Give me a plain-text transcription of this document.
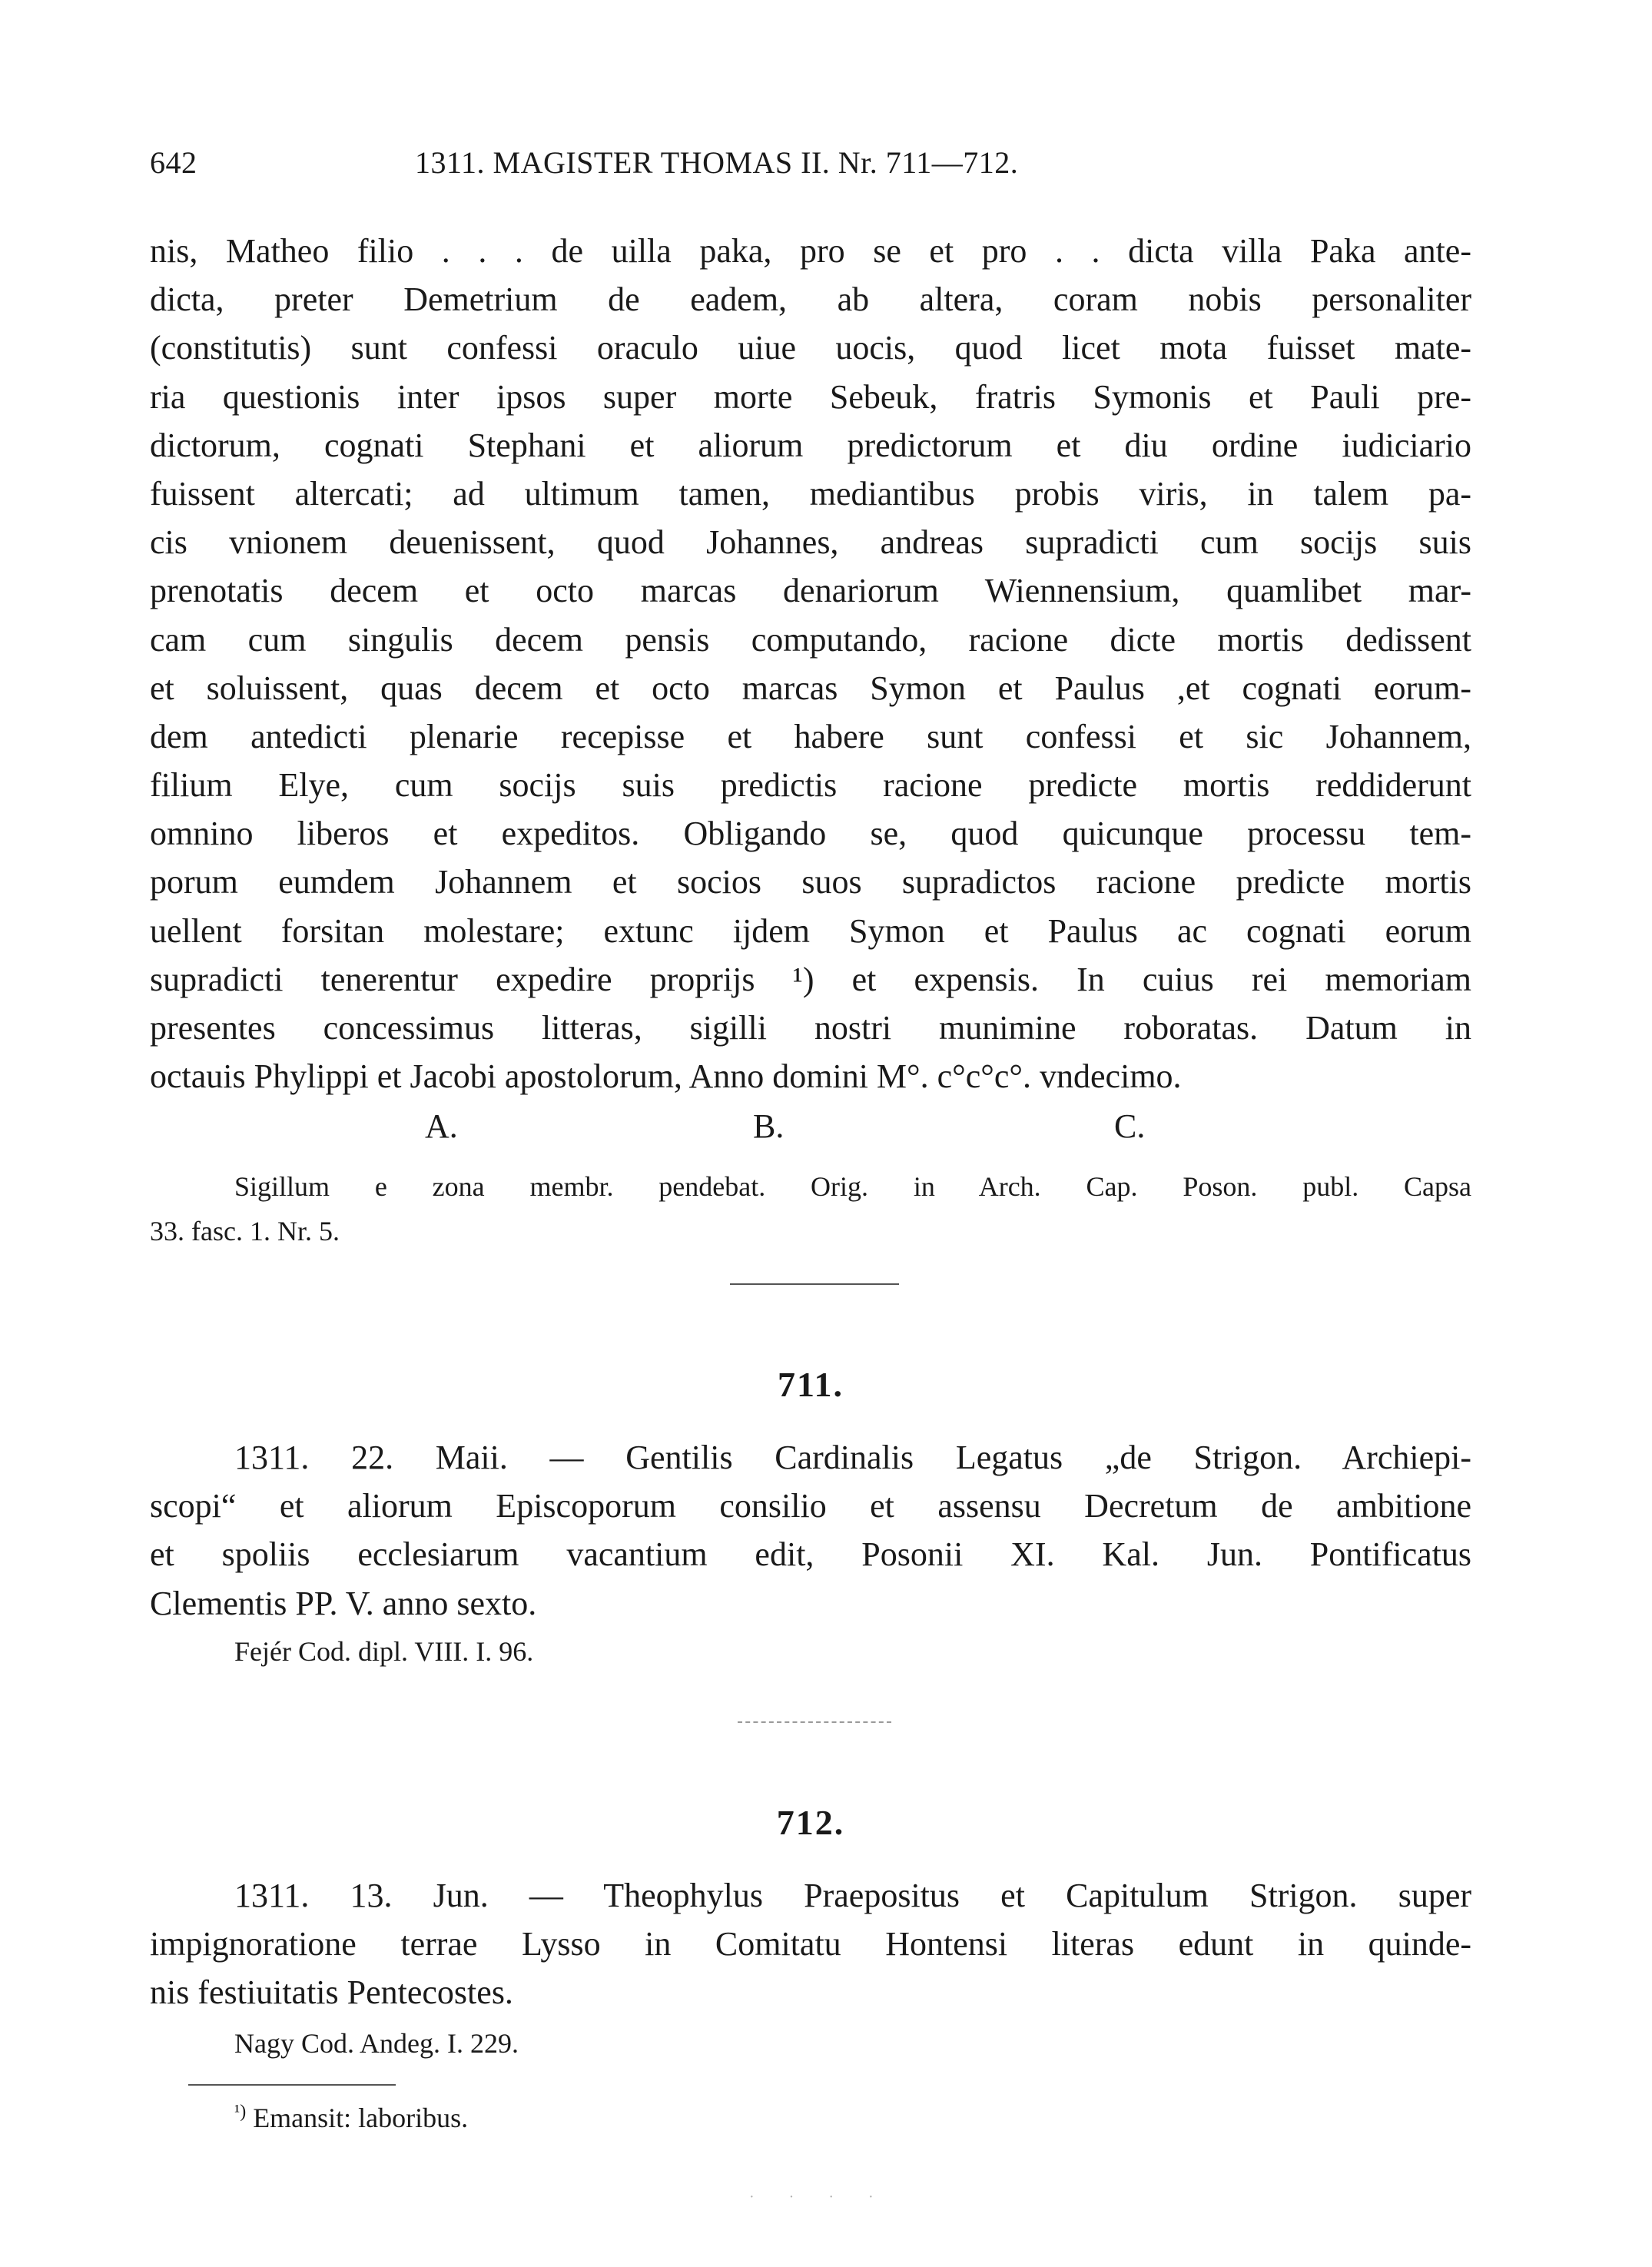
642	1311. MAGISTER THOMAS II. Nr. 711—712.
nis, Matheo filio . . . de uilla paka, pro se et pro . . dicta villa Paka ante-
dicta, preter Demetrium de eadem, ab altera, coram nobis personaliter
(constitutis) sunt confessi oraculo uiue uocis, quod licet mota fuisset mate-
ria questionis inter ipsos super morte Sebeuk, fratris Symonis et Pauli pre-
dictorum, cognati Stephani et aliorum predictorum et diu ordine iudiciario
fuissent altercati; ad ultimum tamen, mediantibus probis viris, in talem pa-
cis vnionem deuenissent, quod Johannes, andreas supradicti cum socijs suis
prenotatis decem et octo marcas denariorum Wiennensium, quamlibet mar-
cam cum singulis decem pensis computando, racione dicte mortis dedissent
et soluissent, quas decem et octo marcas Symon et Paulus ,et cognati eorum-
dem antedicti plenarie recepisse et habere sunt confessi et sic Johannem,
filium Elye, cum socijs suis predictis racione predicte mortis reddiderunt
omnino liberos et expeditos. Obligando se, quod quicunque processu tem-
porum eumdem Johannem et socios suos supradictos racione predicte mortis
uellent forsitan molestare; extunc ijdem Symon et Paulus ac cognati eorum
supradicti tenerentur expedire proprijs ¹) et expensis. In cuius rei memoriam
presentes concessimus litteras, sigilli nostri munimine roboratas. Datum in
octauis Phylippi et Jacobi apostolorum, Anno domini M°. c°c°c°. vndecimo.
A.	B.	C.
Sigillum e zona membr. pendebat. Orig. in Arch. Cap. Poson. publ. Capsa
33. fasc. 1. Nr. 5.
711.
1311. 22. Maii. — Gentilis Cardinalis Legatus „de Strigon. Archiepi-
scopi“ et aliorum Episcoporum consilio et assensu Decretum de ambitione
et spoliis ecclesiarum vacantium edit, Posonii XI. Kal. Jun. Pontificatus
Clementis PP. V. anno sexto.
Fejér Cod. dipl. VIII. I. 96.
712.
1311. 13. Jun. — Theophylus Praepositus et Capitulum Strigon. super
impignoratione terrae Lysso in Comitatu Hontensi literas edunt in quinde-
nis festiuitatis Pentecostes.
Nagy Cod. Andeg. I. 229.
$^{^1)}$ Emansit: laboribus.
· · · ·
